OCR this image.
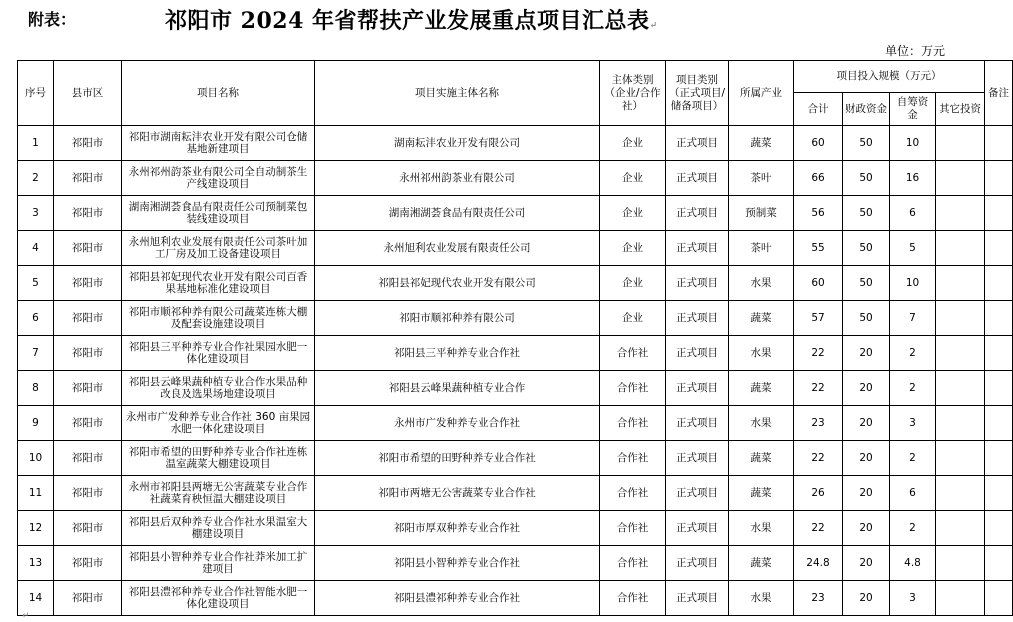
附表：	祁阳市 2024 年省帮扶产业发展重点项目汇总表↵
单位：万元
序号	县市区	项目名称	项目实施主体名称	主体类别（企业/合作社）	项目类别（正式项目/储备项目）	所属产业	项目投入规模（万元）				备注
							合计	财政资金	自筹资金	其它投资	
1	祁阳市	祁阳市湖南耘沣农业开发有限公司仓储基地新建项目	湖南耘沣农业开发有限公司	企业	正式项目	蔬菜	60	50	10		
2	祁阳市	永州祁州韵茶业有限公司全自动制茶生产线建设项目	永州祁州韵茶业有限公司	企业	正式项目	茶叶	66	50	16		
3	祁阳市	湖南湘湖荟食品有限责任公司预制菜包装线建设项目	湖南湘湖荟食品有限责任公司	企业	正式项目	预制菜	56	50	6		
4	祁阳市	永州旭利农业发展有限责任公司茶叶加工厂房及加工设备建设项目	永州旭利农业发展有限责任公司	企业	正式项目	茶叶	55	50	5		
5	祁阳市	祁阳县祁妃现代农业开发有限公司百香果基地标准化建设项目	祁阳县祁妃现代农业开发有限公司	企业	正式项目	水果	60	50	10		
6	祁阳市	祁阳市顺祁种养有限公司蔬菜连栋大棚及配套设施建设项目	祁阳市顺祁种养有限公司	企业	正式项目	蔬菜	57	50	7		
7	祁阳市	祁阳县三平种养专业合作社果园水肥一体化建设项目	祁阳县三平种养专业合作社	合作社	正式项目	水果	22	20	2		
8	祁阳市	祁阳县云峰果蔬种植专业合作水果品种改良及选果场地建设项目	祁阳县云峰果蔬种植专业合作	合作社	正式项目	蔬菜	22	20	2		
9	祁阳市	永州市广发种养专业合作社 360 亩果园水肥一体化建设项目	永州市广发种养专业合作社	合作社	正式项目	水果	23	20	3		
10	祁阳市	祁阳市希望的田野种养专业合作社连栋温室蔬菜大棚建设项目	祁阳市希望的田野种养专业合作社	合作社	正式项目	蔬菜	22	20	2		
11	祁阳市	永州市祁阳县两塘无公害蔬菜专业合作社蔬菜育秧恒温大棚建设项目	祁阳市两塘无公害蔬菜专业合作社	合作社	正式项目	蔬菜	26	20	6		
12	祁阳市	祁阳县后双种养专业合作社水果温室大棚建设项目	祁阳市厚双种养专业合作社	合作社	正式项目	水果	22	20	2		
13	祁阳市	祁阳县小智种养专业合作社莽米加工扩建项目	祁阳县小智种养专业合作社	合作社	正式项目	蔬菜	24.8	20	4.8		
14	祁阳市	祁阳县澧祁种养专业合作社智能水肥一体化建设项目	祁阳县澧祁种养专业合作社	合作社	正式项目	水果	23	20	3		
↵
